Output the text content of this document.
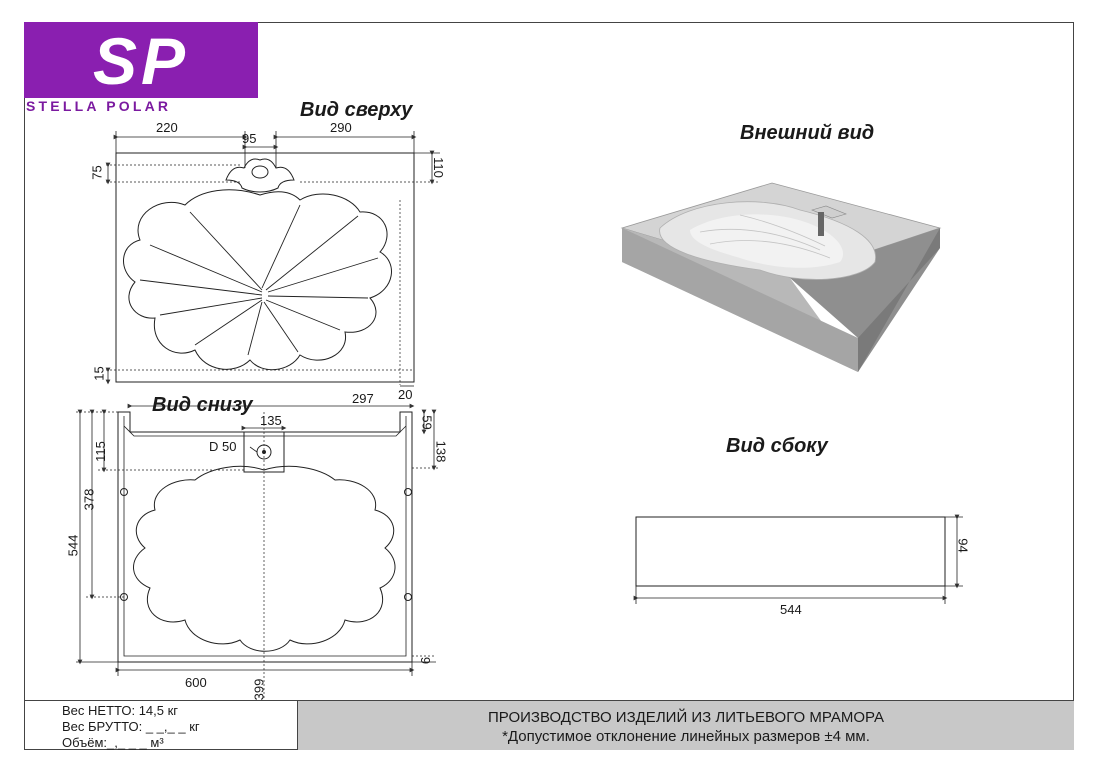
SP
STELLA POLAR	Вид сверху
Вид снизу
Внешний вид
Вид сбоку
220
95
290
75	110
15
20
297
135
D 50
59
138
115
378
544
600	399
9
94
544
Вес НЕТТО: 14,5 кг
Вес БРУТТО: _ _,_ _ кг
Объём:_,_ _ _ м³
ПРОИЗВОДСТВО ИЗДЕЛИЙ ИЗ ЛИТЬЕВОГО МРАМОРА
*Допустимое отклонение линейных размеров ±4 мм.
